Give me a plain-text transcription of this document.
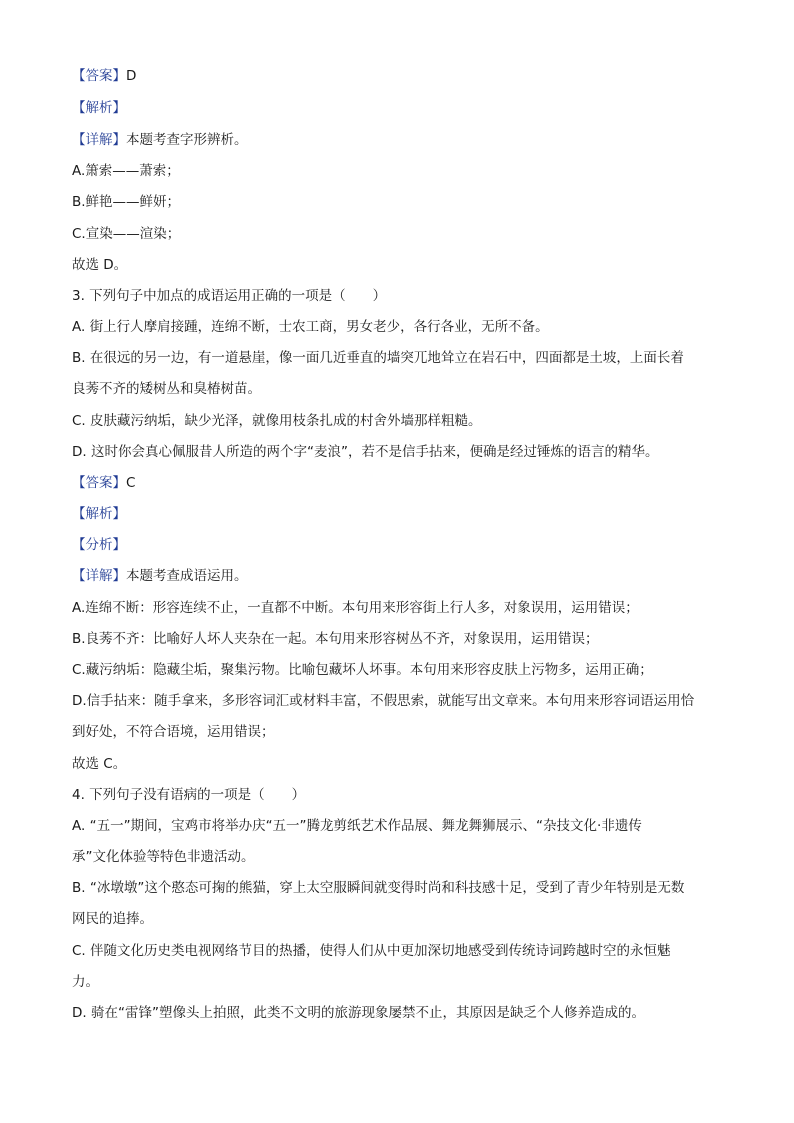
【答案】D
【解析】
【详解】本题考查字形辨析。
A.箫索——萧索；
B.鲜艳——鲜妍；
C.宣染——渲染；
故选 D。
3. 下列句子中加点的成语运用正确的一项是（　　）
A. 街上行人摩肩接踵，连绵不断，士农工商，男女老少，各行各业，无所不备。
B. 在很远的另一边，有一道悬崖，像一面几近垂直的墙突兀地耸立在岩石中，四面都是土坡，上面长着
良莠不齐的矮树丛和臭椿树苗。
C. 皮肤藏污纳垢，缺少光泽，就像用枝条扎成的村舍外墙那样粗糙。
D. 这时你会真心佩服昔人所造的两个字“麦浪”，若不是信手拈来，便确是经过锤炼的语言的精华。
【答案】C
【解析】
【分析】
【详解】本题考查成语运用。
A.连绵不断：形容连续不止，一直都不中断。本句用来形容街上行人多，对象误用，运用错误；
B.良莠不齐：比喻好人坏人夹杂在一起。本句用来形容树丛不齐，对象误用，运用错误；
C.藏污纳垢：隐藏尘垢，聚集污物。比喻包藏坏人坏事。本句用来形容皮肤上污物多，运用正确；
D.信手拈来：随手拿来，多形容词汇或材料丰富，不假思索，就能写出文章来。本句用来形容词语运用恰
到好处，不符合语境，运用错误；
故选 C。
4. 下列句子没有语病的一项是（　　）
A. “五一”期间，宝鸡市将举办庆“五一”腾龙剪纸艺术作品展、舞龙舞狮展示、“杂技文化·非遗传
承”文化体验等特色非遗活动。
B. “冰墩墩”这个憨态可掬的熊猫，穿上太空服瞬间就变得时尚和科技感十足，受到了青少年特别是无数
网民的追捧。
C. 伴随文化历史类电视网络节目的热播，使得人们从中更加深切地感受到传统诗词跨越时空的永恒魅
力。
D. 骑在“雷锋”塑像头上拍照，此类不文明的旅游现象屡禁不止，其原因是缺乏个人修养造成的。
